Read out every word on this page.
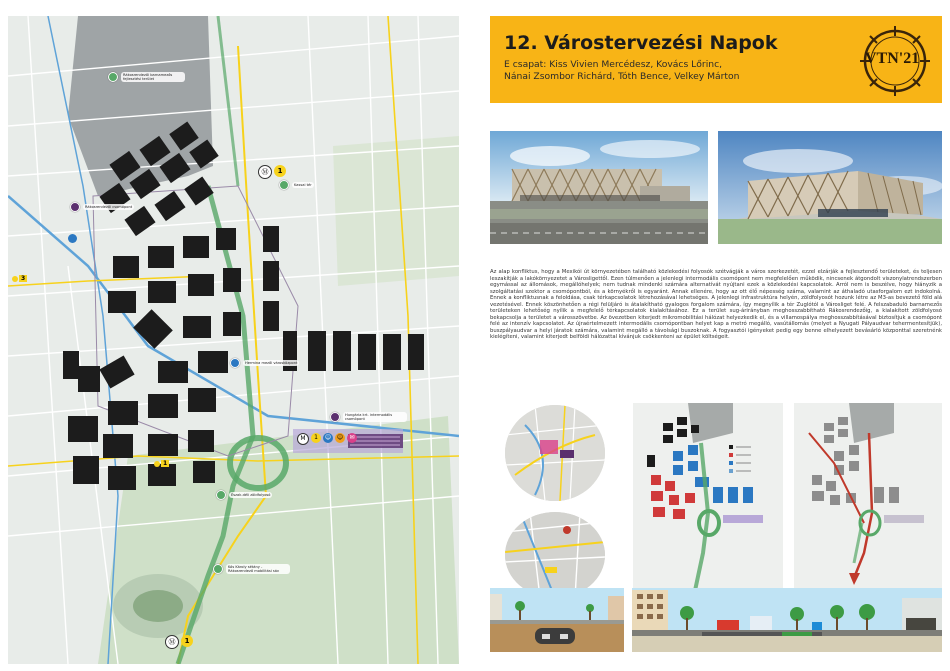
Rákosrendezői barnamezős fejlesztési terület
Rákosrendezői csomópont
Kassai tér
Hermina mezői városközpont
Hungária krt. intermodális csomópont
Észak-déli zöldfolyosó
Kós Károly sétány - Rákosrendező mobilitási sáv
Ⓜ	1
Ⓜ	1
3
1
M	1	☺ ☺	✉
12. Várostervezési Napok
E csapat: Kiss Vivien Mercédesz, Kovács Lőrinc,
Nánai Zsombor Richárd, Tóth Bence, Velkey Márton
VTN'21

Az alap konfliktus, hogy a Mexikói út környezetében található közlekedési folyosók szétvágják a város szerkezetét, ezzel elzárják a fejlesztendő területeket, és teljesen leszakítják a lakókörnyezetet a Városligettől. Ezen túlmenően a jelenlegi intermodális csomópont nem megfelelően működik, nincsenek átgondolt viszonylatrendszerben egymással az állomások, megállóhelyek; nem tudnak mindenki számára alternatívát nyújtani ezek a közlekedési kapcsolatok. Arról nem is beszélve, hogy hiányzik a szolgáltatási szektor a csomópontból, és a környékről is egyaránt. Annak ellenére, hogy az ott élő népesség száma, valamint az áthaladó utasforgalom ezt indokolná. Ennek a konfliktusnak a feloldása, csak térkapcsolatok létrehozásával lehetséges. A jelenlegi infrastruktúra helyén, zöldfolyosót hozunk létre az M3-as bevezető föld alá vezetésével. Ennek köszönhetően a régi felüljáró is átalakítható gyalogos forgalom számára, így megnyílik a tér Zuglótól a Városliget felé. A felszabaduló barnamezős területeken lehetőség nyílik a megfelelő térkapcsolatok kialakításához. Ez a terület sug-árirányban meghosszabbítható Rákosrendezőig, a kialakított zöldfolyosó bekapcsolja a területet a városszövetbe. Az övezetben kiterjedt mikromobilitási hálózat helyezkedik el, és a villamospálya meghosszabbításával biztosítjuk a csomópont felé az intenzív kapcsolatot. Az újraértelmezett intermodális csomópontban helyet kap a metró megálló, vasútállomás (melyet a Nyugati Pályaudvar tehermentesítjük), buszpályaudvar a helyi járatok számára, valamint megálló a távolsági buszoknak. A fogyasztói igényeket pedig egy benne elhelyezett bevásárló központtal szeretnénk kielégíteni, valamint kiterjedt belföldi hálózattal kívánjuk csökkenteni az épület költségeit.
